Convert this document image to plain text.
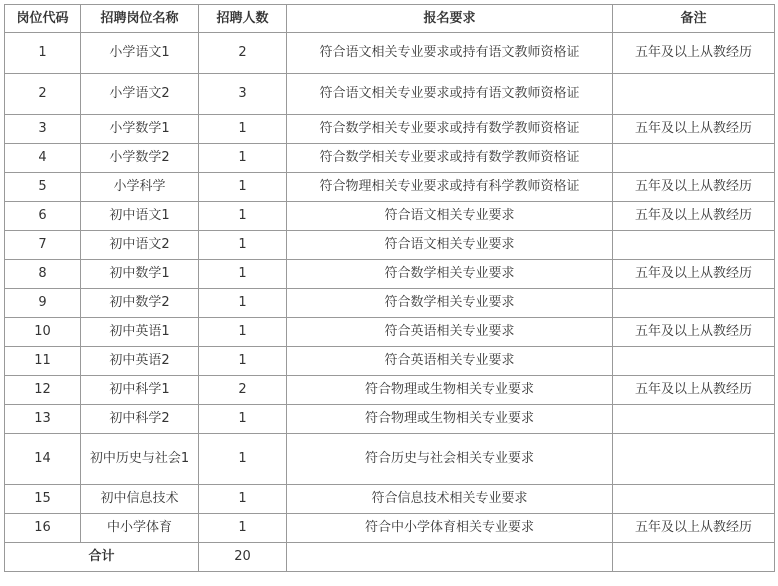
岗位代码	招聘岗位名称	招聘人数	报名要求	备注
1	小学语文1	2	符合语文相关专业要求或持有语文教师资格证	五年及以上从教经历
2	小学语文2	3	符合语文相关专业要求或持有语文教师资格证	
3	小学数学1	1	符合数学相关专业要求或持有数学教师资格证	五年及以上从教经历
4	小学数学2	1	符合数学相关专业要求或持有数学教师资格证	
5	小学科学	1	符合物理相关专业要求或持有科学教师资格证	五年及以上从教经历
6	初中语文1	1	符合语文相关专业要求	五年及以上从教经历
7	初中语文2	1	符合语文相关专业要求	
8	初中数学1	1	符合数学相关专业要求	五年及以上从教经历
9	初中数学2	1	符合数学相关专业要求	
10	初中英语1	1	符合英语相关专业要求	五年及以上从教经历
11	初中英语2	1	符合英语相关专业要求	
12	初中科学1	2	符合物理或生物相关专业要求	五年及以上从教经历
13	初中科学2	1	符合物理或生物相关专业要求	
14	初中历史与社会1	1	符合历史与社会相关专业要求	
15	初中信息技术	1	符合信息技术相关专业要求	
16	中小学体育	1	符合中小学体育相关专业要求	五年及以上从教经历
合计		20		
